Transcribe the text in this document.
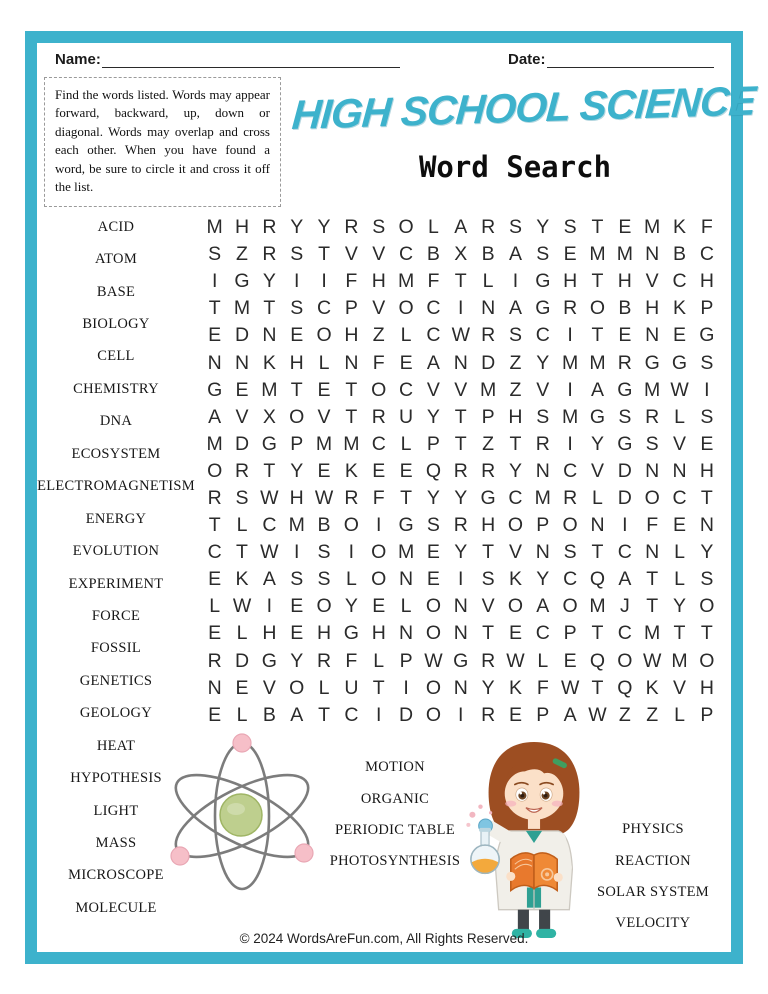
Name:	Date:
Find the words listed. Words may appear forward, backward, up, down or diagonal. Words may overlap and cross each other. When you have found a word, be sure to circle it and cross it off the list.
HIGH SCHOOL SCIENCE
Word Search
ACID
ATOM
BASE
BIOLOGY
CELL
CHEMISTRY
DNA
ECOSYSTEM
ELECTROMAGNETISM
ENERGY
EVOLUTION
EXPERIMENT
FORCE
FOSSIL
GENETICS
GEOLOGY
HEAT
HYPOTHESIS
LIGHT
MASS
MICROSCOPE
MOLECULE
M H R Y Y R S O L A R S Y S T E M K F
S Z R S T V V C B X B A S E M M N B C
I G Y I	I F H M F T L I G H T H V C H
T M T S C P V O C I N A G R O B H K P
E D N E O H Z L C W R S C I T E N E G
N N K H L N F E A N D Z Y M M R G G S
G E M T E T O C V V M Z V I A G M W I
A V X O V T R U Y T P H S M G S R L S
M D G P M M C L P T Z T R I Y G S V E
O R T Y E K E E Q R R Y N C V D N N H
R S W H W R F T Y Y G C M R L D O C T
T L C M B O I G S R H O P O N I F E N
C T W I S I O M E Y T V N S T C N L Y
E K A S S L O N E I S K Y C Q A T L S
L W I E O Y E L O N V O A O M J T Y O
E L H E H G H N O N T E C P T C M T T
R D G Y R F L P W G R W L E Q O W M O
N E V O L U T I O N Y K F W T Q K V H
E L B A T C I D O I R E P A W Z Z L P
MOTION
ORGANIC
PERIODIC TABLE
PHOTOSYNTHESIS
PHYSICS
REACTION
SOLAR SYSTEM
VELOCITY
© 2024 WordsAreFun.com, All Rights Reserved.
